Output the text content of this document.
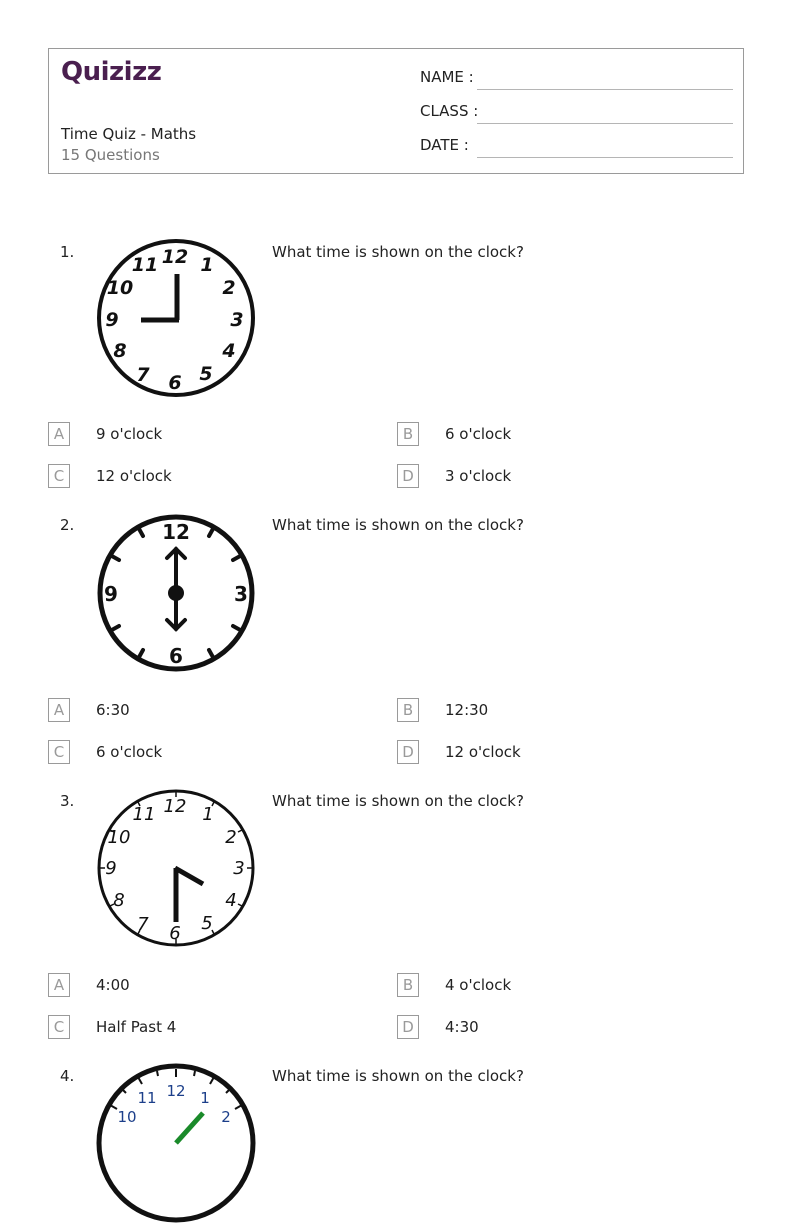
Quizizz
Time Quiz - Maths
15 Questions
NAME :
CLASS :
DATE :
1.	12 1
2
3
4
5
6
7
8
9
10
11
What time is shown on the clock?
A	9 o'clock	B	6 o'clock
C	12 o'clock	D	3 o'clock
2.	12
3
6
9
What time is shown on the clock?
A	6:30	B	12:30
C	6 o'clock	D	12 o'clock
3.	12 1
2
3
4
5
6
7
8
9
10
11
What time is shown on the clock?
A	4:00	B	4 o'clock
C	Half Past 4	D	4:30
4.
12 1
2
11
10
What time is shown on the clock?
